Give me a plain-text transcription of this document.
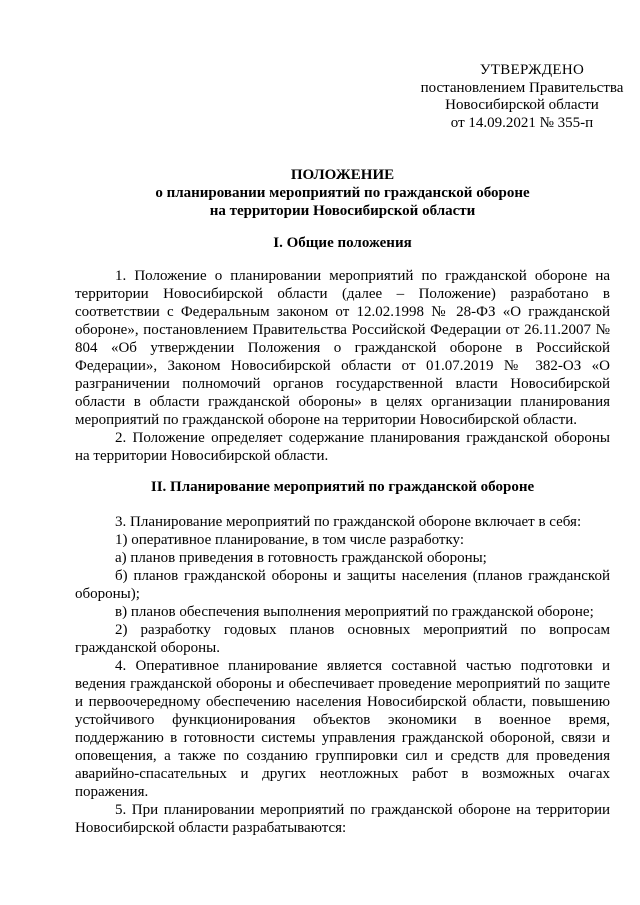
УТВЕРЖДЕНО
постановлением Правительства
Новосибирской области
от 14.09.2021 № 355-п
ПОЛОЖЕНИЕ
о планировании мероприятий по гражданской обороне
на территории Новосибирской области
I. Общие положения

1. Положение о планировании мероприятий по гражданской обороне на территории Новосибирской области (далее – Положение) разработано в соответствии с Федеральным законом от 12.02.1998 № 28-ФЗ «О гражданской обороне», постановлением Правительства Российской Федерации от 26.11.2007 № 804 «Об утверждении Положения о гражданской обороне в Российской Федерации», Законом Новосибирской области от 01.07.2019 № 382-ОЗ «О разграничении полномочий органов государственной власти Новосибирской области в области гражданской обороны» в целях организации планирования мероприятий по гражданской обороне на территории Новосибирской области.

2. Положение определяет содержание планирования гражданской обороны на территории Новосибирской области.

II. Планирование мероприятий по гражданской обороне

3. Планирование мероприятий по гражданской обороне включает в себя:

1) оперативное планирование, в том числе разработку:

а) планов приведения в готовность гражданской обороны;

б) планов гражданской обороны и защиты населения (планов гражданской обороны);

в) планов обеспечения выполнения мероприятий по гражданской обороне;

2) разработку годовых планов основных мероприятий по вопросам гражданской обороны.

4. Оперативное планирование является составной частью подготовки и ведения гражданской обороны и обеспечивает проведение мероприятий по защите и первоочередному обеспечению населения Новосибирской области, повышению устойчивого функционирования объектов экономики в военное время, поддержанию в готовности системы управления гражданской обороной, связи и оповещения, а также по созданию группировки сил и средств для проведения аварийно-спасательных и других неотложных работ в возможных очагах поражения.

5. При планировании мероприятий по гражданской обороне на территории Новосибирской области разрабатываются:
